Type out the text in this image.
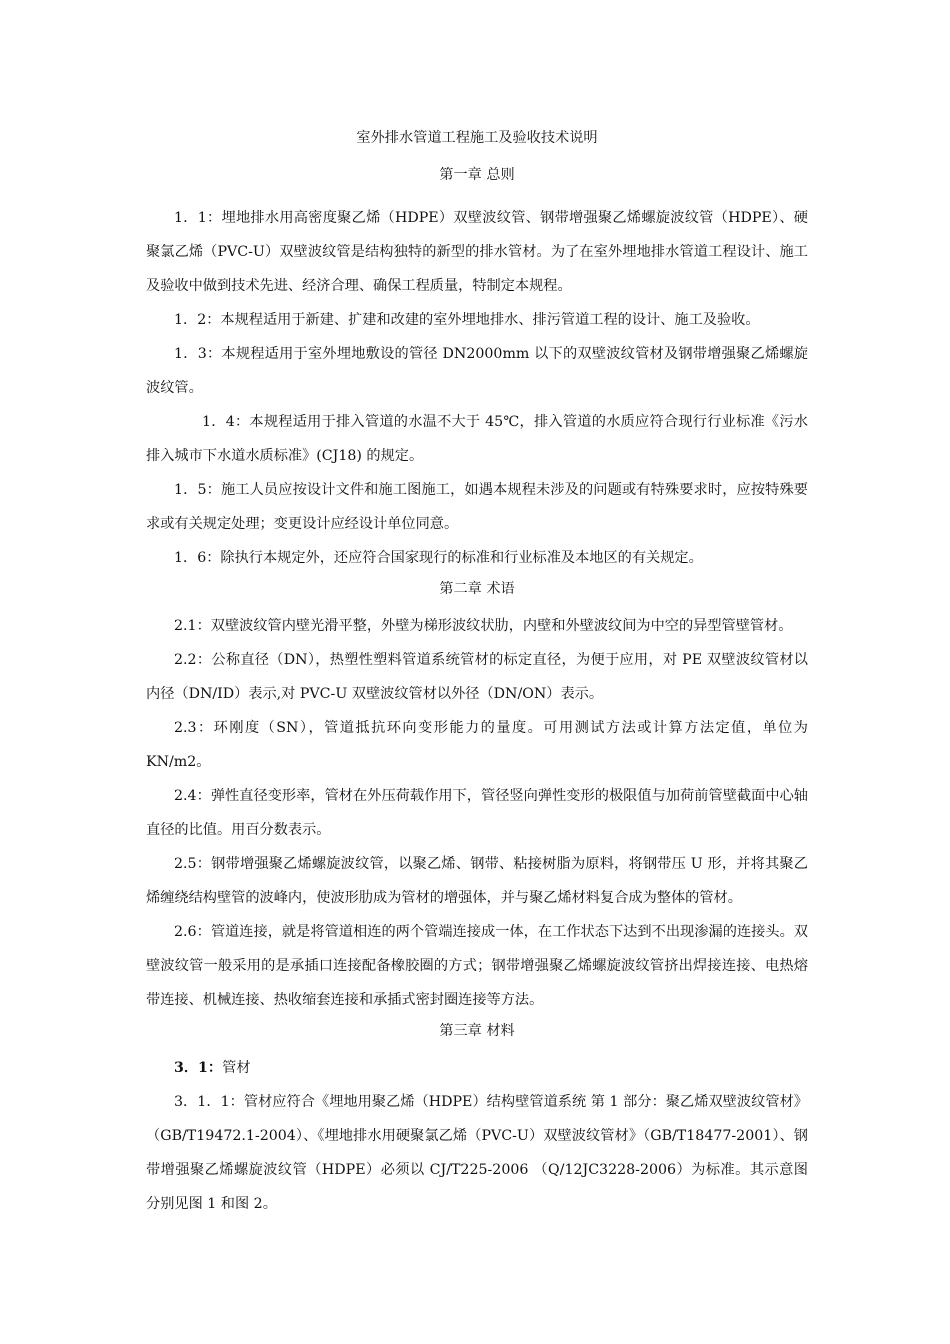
室外排水管道工程施工及验收技术说明
第一章 总则

1．1：埋地排水用高密度聚乙烯（HDPE）双壁波纹管、钢带增强聚乙烯螺旋波纹管（HDPE）、硬聚氯乙烯（PVC-U）双壁波纹管是结构独特的新型的排水管材。为了在室外埋地排水管道工程设计、施工及验收中做到技术先进、经济合理、确保工程质量，特制定本规程。

1．2：本规程适用于新建、扩建和改建的室外埋地排水、排污管道工程的设计、施工及验收。

1．3：本规程适用于室外埋地敷设的管径 DN2000mm 以下的双壁波纹管材及钢带增强聚乙烯螺旋波纹管。

1．4：本规程适用于排入管道的水温不大于 45℃，排入管道的水质应符合现行行业标准《污水排入城市下水道水质标准》(CJ18) 的规定。

1．5：施工人员应按设计文件和施工图施工，如遇本规程未涉及的问题或有特殊要求时，应按特殊要求或有关规定处理；变更设计应经设计单位同意。

1．6：除执行本规定外，还应符合国家现行的标准和行业标准及本地区的有关规定。

第二章 术语

2.1：双壁波纹管内壁光滑平整，外壁为梯形波纹状肋，内壁和外壁波纹间为中空的异型管壁管材。

2.2：公称直径（DN），热塑性塑料管道系统管材的标定直径，为便于应用，对 PE 双壁波纹管材以内径（DN/ID）表示,对 PVC-U 双壁波纹管材以外径（DN/ON）表示。

2.3：环刚度（SN），管道抵抗环向变形能力的量度。可用测试方法或计算方法定值，单位为 KN/m2。

2.4：弹性直径变形率，管材在外压荷载作用下，管径竖向弹性变形的极限值与加荷前管壁截面中心轴直径的比值。用百分数表示。

2.5：钢带增强聚乙烯螺旋波纹管，以聚乙烯、钢带、粘接树脂为原料，将钢带压 U 形，并将其聚乙烯缠绕结构壁管的波峰内，使波形肋成为管材的增强体，并与聚乙烯材料复合成为整体的管材。

2.6：管道连接，就是将管道相连的两个管端连接成一体，在工作状态下达到不出现渗漏的连接头。双壁波纹管一般采用的是承插口连接配备橡胶圈的方式；钢带增强聚乙烯螺旋波纹管挤出焊接连接、电热熔带连接、机械连接、热收缩套连接和承插式密封圈连接等方法。

第三章 材料

3．1：管材

3．1．1：管材应符合《埋地用聚乙烯（HDPE）结构壁管道系统 第 1 部分：聚乙烯双壁波纹管材》（GB/T19472.1-2004）、《埋地排水用硬聚氯乙烯（PVC-U）双壁波纹管材》（GB/T18477-2001）、钢带增强聚乙烯螺旋波纹管（HDPE）必须以 CJ/T225-2006 （Q/12JC3228-2006）为标准。其示意图分别见图 1 和图 2。
